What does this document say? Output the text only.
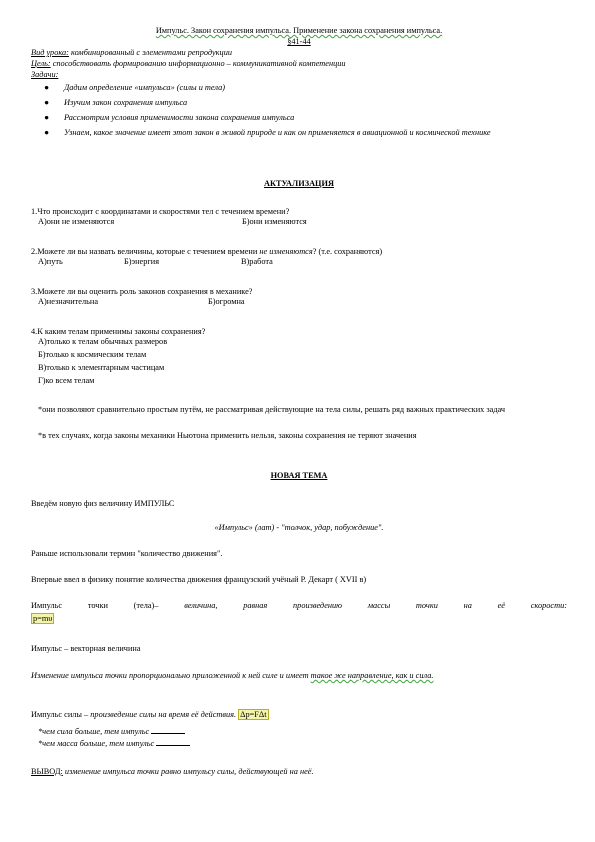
Импульс. Закон сохранения импульса. Применение закона сохранения импульса.
§41-44
Вид урока: комбинированный с элементами репродукции
Цель: способствовать формированию информационно – коммуникативной компетенции
Задачи:
● Дадим определение «импульса» (силы и тела)
● Изучим закон сохранения импульса
● Рассмотрим условия применимости закона сохранения импульса
● Узнаем, какое значение имеет этот закон в живой природе и как он применяется в авиационной и космической технике
АКТУАЛИЗАЦИЯ
1.Что происходит с координатами и скоростями тел с течением времени?
А)они не изменяются	Б)они изменяются
2.Можете ли вы назвать величины, которые с течением времени не изменяются? (т.е. сохраняются)
А)путь	Б)энергия	В)работа
3.Можете ли вы оценить роль законов сохранения в механике?
А)незначительна	Б)огромна
4.К каким телам применимы законы сохранения?
А)только к телам обычных размеров
Б)только к космическим телам
В)только к элементарным частицам
Г)ко всем телам
*они позволяют сравнительно простым путём, не рассматривая действующие на тела силы, решать ряд важных практических задач
*в тех случаях, когда законы механики Ньютона применить нельзя, законы сохранения не теряют значения
НОВАЯ ТЕМА
Введём новую физ величину ИМПУЛЬС
«Импульс» (лат) - "толчок, удар, побуждение".
Раньше использовали термин "количество движения".
Впервые ввел в физику понятие количества движения французский учёный Р. Декарт ( XVII в)
Импульс точки (тела)– величина, равная произведению массы точки на её скорости:
p=mυ
Импульс – векторная величина
Изменение импульса точки пропорционально приложенной к ней силе и имеет такое же направление, как и сила.
Импульс силы – произведение силы на время её действия. Δp=FΔt
*чем сила больше, тем импульс
*чем масса больше, тем импульс
ВЫВОД: изменение импульса точки равно импульсу силы, действующей на неё.
